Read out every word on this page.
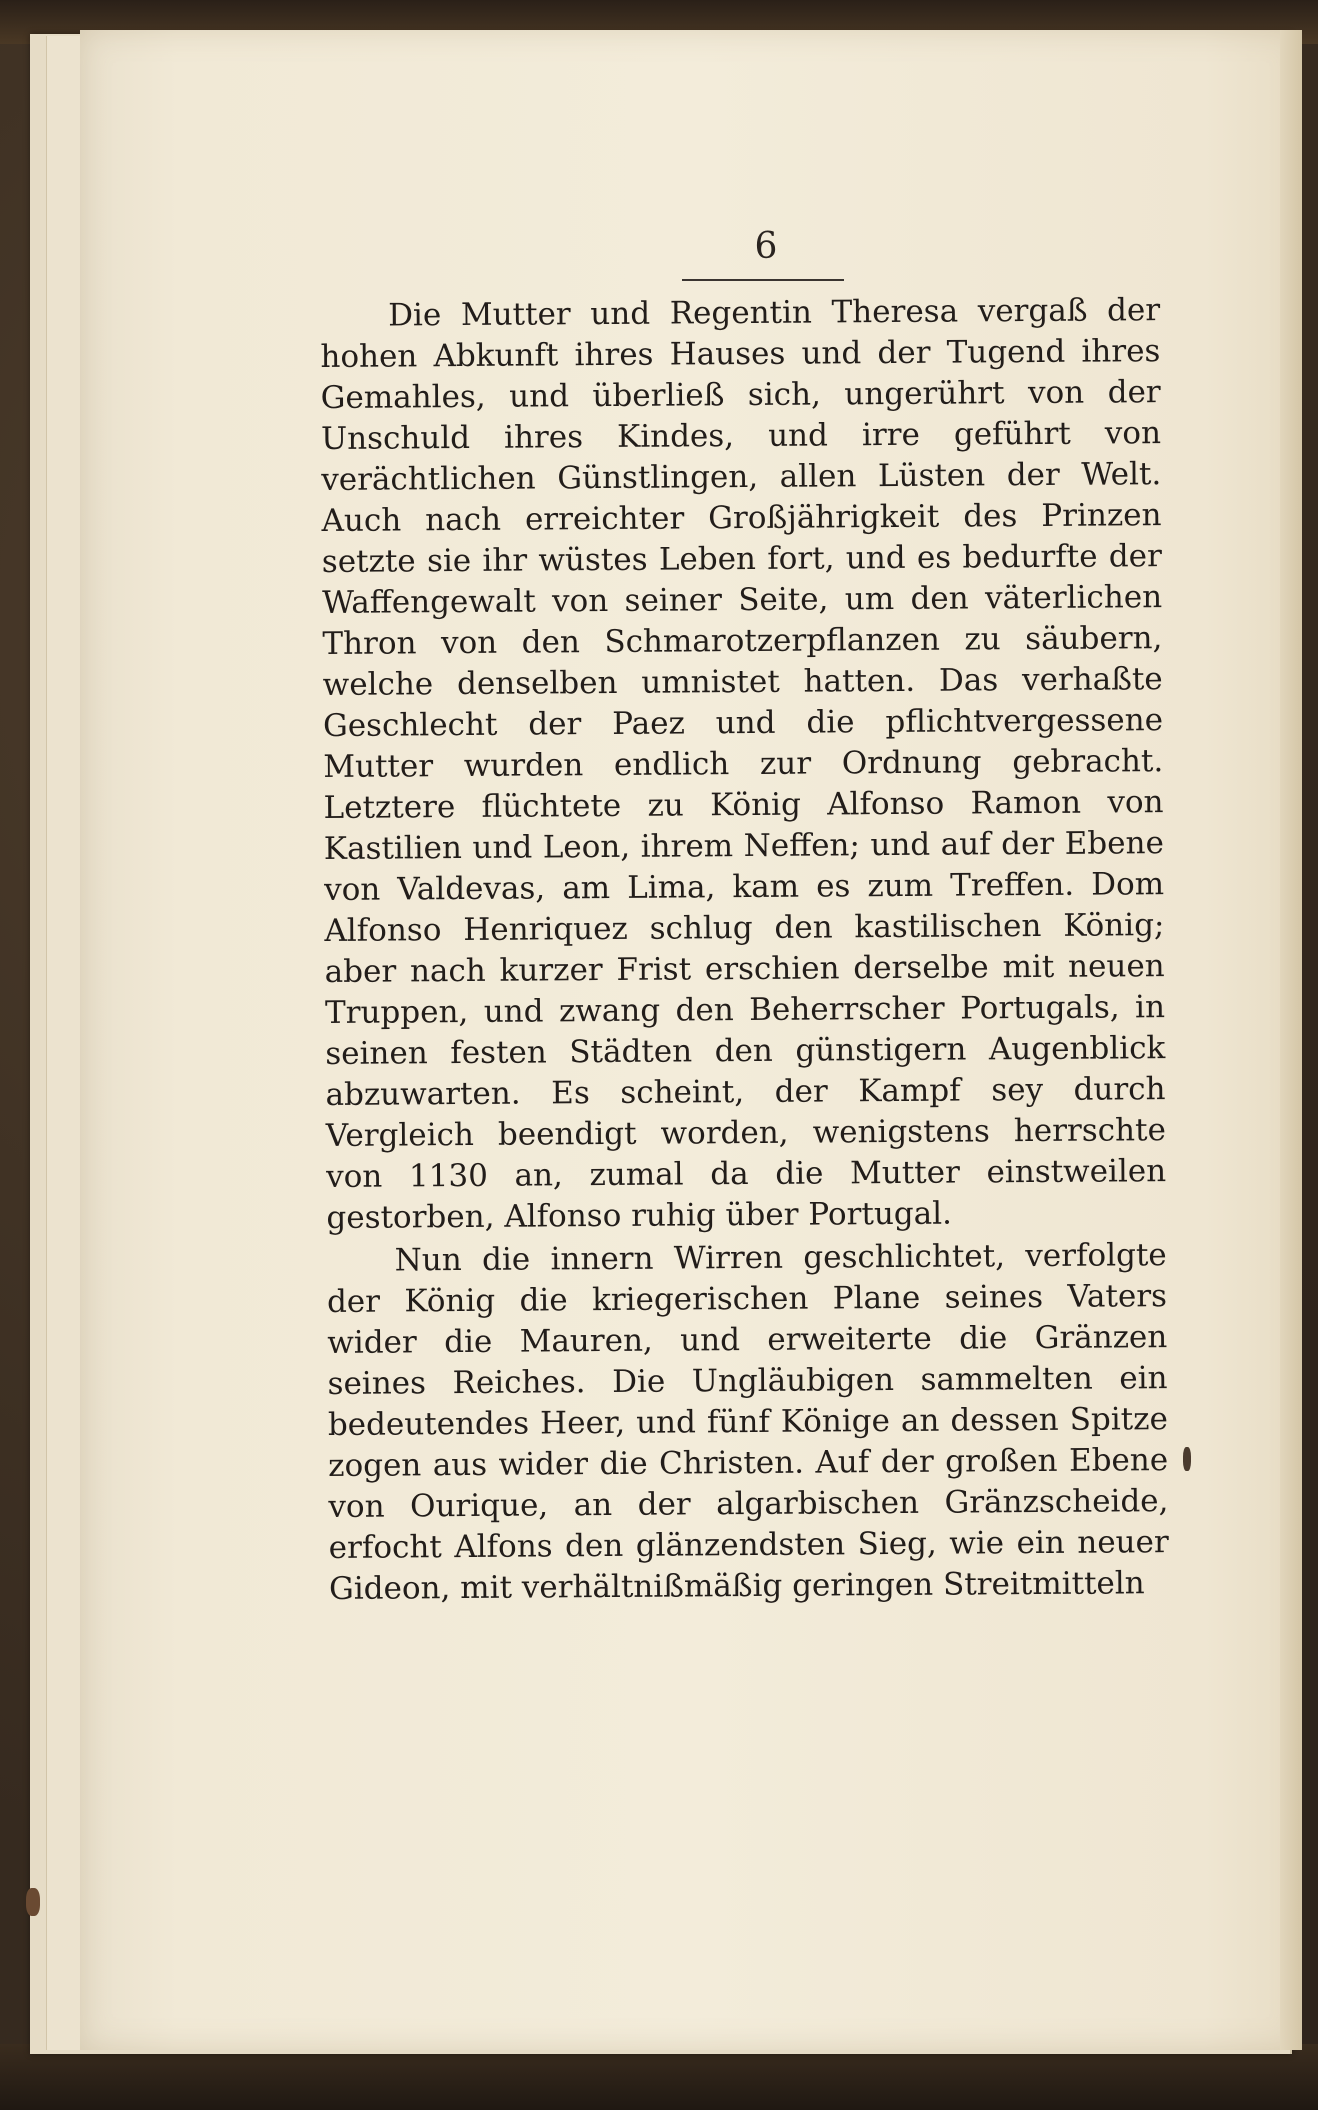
6

Die Mutter und Regentin Theresa vergaß der hohen Abkunft ihres Hauses und der Tugend ihres Gemahles, und überließ sich, ungerührt von der Unschuld ihres Kindes, und irre geführt von verächtlichen Günstlingen, allen Lüsten der Welt. Auch nach erreichter Großjährigkeit des Prinzen setzte sie ihr wüstes Leben fort, und es bedurfte der Waffengewalt von seiner Seite, um den väterlichen Thron von den Schmarotzerpflanzen zu säubern, welche denselben umnistet hatten. Das verhaßte Geschlecht der Paez und die pflichtvergessene Mutter wurden endlich zur Ordnung gebracht. Letztere flüchtete zu König Alfonso Ramon von Kastilien und Leon, ihrem Neffen; und auf der Ebene von Valdevas, am Lima, kam es zum Treffen. Dom Alfonso Henriquez schlug den kastilischen König; aber nach kurzer Frist erschien derselbe mit neuen Truppen, und zwang den Beherrscher Portugals, in seinen festen Städten den günstigern Augenblick abzuwarten. Es scheint, der Kampf sey durch Vergleich beendigt worden, wenigstens herrschte von 1130 an, zumal da die Mutter einstweilen gestorben, Alfonso ruhig über Portugal.

Nun die innern Wirren geschlichtet, verfolgte der König die kriegerischen Plane seines Vaters wider die Mauren, und erweiterte die Gränzen seines Reiches. Die Ungläubigen sammelten ein bedeutendes Heer, und fünf Könige an dessen Spitze zogen aus wider die Christen. Auf der großen Ebene von Ourique, an der algarbischen Gränzscheide, erfocht Alfons den glänzendsten Sieg, wie ein neuer Gideon, mit verhältnißmäßig geringen Streitmitteln
